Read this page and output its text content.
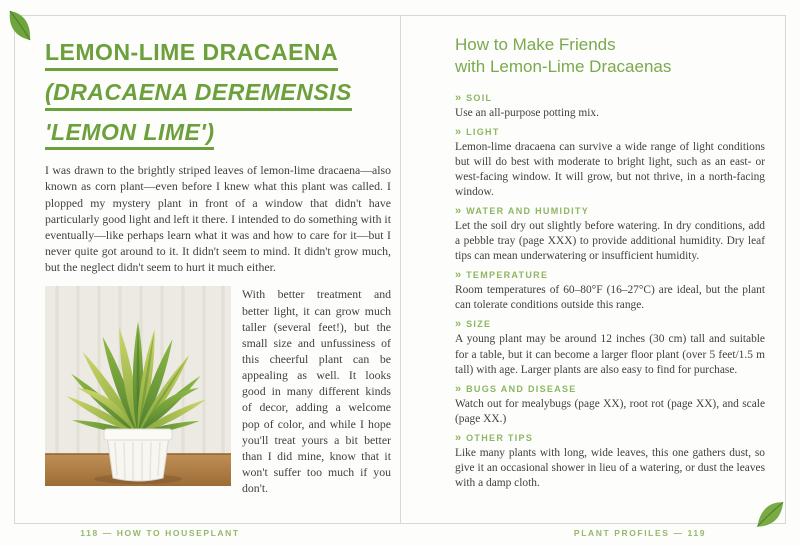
LEMON-LIME DRACAENA
(DRACAENA DEREMENSIS
'LEMON LIME')

I was drawn to the brightly striped leaves of lemon-lime dracaena—also known as corn plant—even before I knew what this plant was called. I plopped my mystery plant in front of a window that didn't have particularly good light and left it there. I intended to do something with it eventually—like perhaps learn what it was and how to care for it—but I never quite got around to it. It didn't seem to mind. It didn't grow much, but the neglect didn't seem to hurt it much either.

With better treatment and better light, it can grow much taller (several feet!), but the small size and unfussiness of this cheerful plant can be appealing as well. It looks good in many different kinds of decor, adding a welcome pop of color, and while I hope you'll treat yours a bit better than I did mine, know that it won't suffer too much if you don't.

How to Make Friends
with Lemon-Lime Dracaenas
» SOIL

Use an all-purpose potting mix.

» LIGHT

Lemon-lime dracaena can survive a wide range of light conditions but will do best with moderate to bright light, such as an east- or west-facing window. It will grow, but not thrive, in a north-facing window.

» WATER AND HUMIDITY

Let the soil dry out slightly before watering. In dry conditions, add a pebble tray (page XXX) to provide additional humidity. Dry leaf tips can mean underwatering or insufficient humidity.

» TEMPERATURE

Room temperatures of 60–80°F (16–27°C) are ideal, but the plant can tolerate conditions outside this range.

» SIZE

A young plant may be around 12 inches (30 cm) tall and suitable for a table, but it can become a larger floor plant (over 5 feet/1.5 m tall) with age. Larger plants are also easy to find for purchase.

» BUGS AND DISEASE

Watch out for mealybugs (page XX), root rot (page XX), and scale (page XX.)

» OTHER TIPS

Like many plants with long, wide leaves, this one gathers dust, so give it an occasional shower in lieu of a watering, or dust the leaves with a damp cloth.

118 — HOW TO HOUSEPLANT	PLANT PROFILES — 119
